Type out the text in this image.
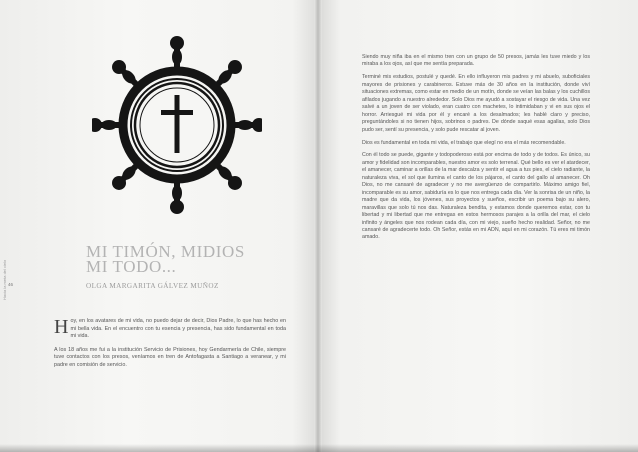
46
Hacia la meta del cielo
MI TIMÓN, MIDIOS
MI TODO...
OLGA MARGARITA GÁLVEZ MUÑOZ

Hoy, en los avatares de mi vida, no puedo dejar de decir, Dios Padre, lo que has hecho en mi bella vida. En el encuentro con tu esencia y presencia, has sido fundamental en toda mi vida.

A los 18 años me fui a la institución Servicio de Prisiones, hoy Gendarmería de Chile, siempre tuve contactos con los presos, veníamos en tren de Antofagasta a Santiago a veranear, y mi padre en comisión de servicio.

Siendo muy niña iba en el mismo tren con un grupo de 50 presos, jamás les tuve miedo y los miraba a los ojos, así que me sentía preparada.

Terminé mis estudios, postulé y quedé. En ello influyeron mis padres y mi abuelo, suboficiales mayores de prisiones y carabineros. Estuve más de 30 años en la institución, donde viví situaciones extremas, como estar en medio de un motín, donde se veían las balas y los cuchillos afilados jugando a nuestro alrededor. Solo Dios me ayudó a sostayar el riesgo de vida. Una vez salvé a un joven de ser violado, eran cuatro con machetes, lo intimidaban y vi en sus ojos el horror. Arriesgué mi vida por él y encaré a los desalmados; les hablé claro y preciso, preguntándoles si no tienen hijos, sobrinos o padres. De dónde saqué esas agallas, solo Dios pudo ser, sentí su presencia, y solo pude rescatar al joven.

Dios es fundamental en toda mi vida, el trabajo que elegí no era el más recomendable.

Con él todo se puede, gigante y todopoderoso está por encima de todo y de todos. Es único, su amor y fidelidad son incomparables, nuestro amor es solo terrenal. Qué bello es ver el atardecer, el amanecer, caminar a orillas de la mar descalza y sentir el agua a tus pies, el cielo radiante, la naturaleza viva, el sol que ilumina el canto de los pájaros, el canto del gallo al amanecer. Oh Dios, no me cansaré de agradecer y no me avergüenzo de compartirlo. Máximo amigo fiel, incomparable es su amor, sabiduría es lo que nos entrega cada día. Ver la sonrisa de un niño, la madre que da vida, los jóvenes, sus proyectos y sueños, escribir un poema bajo su alero, maravillas que solo tú nos das. Naturaleza bendita, y estamos donde queremos estar, con tu libertad y mi libertad que me entregas en estos hermosos parajes a la orilla del mar, el cielo infinito y ángeles que nos rodean cada día, con mi viejo, sueño hecho realidad. Señor, no me cansaré de agradecerte todo. Oh Señor, estás en mi ADN, aquí en mi corazón. Tú eres mi timón amado.
